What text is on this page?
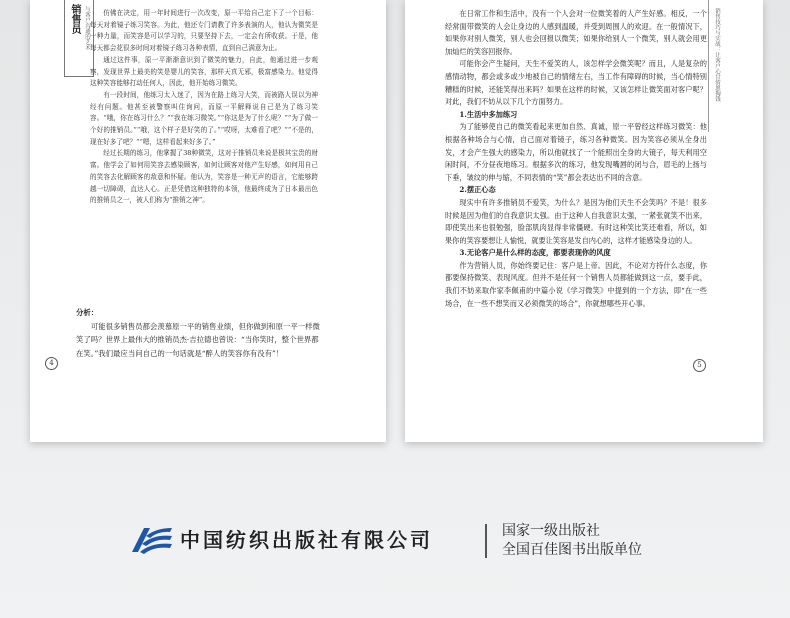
销售员 与客户沟通的艺术	仿佛在决定，用一年时间进行一次改变，原一平给自己定下了一个目标：每天对着镜子练习笑容。为此，他还专门请教了许多表演的人，他认为微笑是一种力量，而笑容是可以学习的，只要坚持下去，一定会有所收获。于是，他每天都会花很多时间对着镜子练习各种表情，直到自己满意为止。

通过这件事，原一平渐渐意识到了微笑的魅力，自此，他通过进一步观察，发现世界上最美的笑是婴儿的笑容，那样天真无邪，极富感染力。他觉得这种笑容能够打动任何人，因此，他开始练习微笑。

有一段时间，他练习太入迷了，因为在路上练习大笑，而被路人误以为神经有问题。他甚至被警察叫住询问，而原一平解释说自己是为了练习笑容。“哦，你在练习什么？”“我在练习微笑。”“你这是为了什么呢？”“为了做一个好的推销员。”“哦，这个样子是好笑的了。”“哎呀，太难看了吧？”“不是的，现在好多了吧？”“嗯，这样看起来好多了。”

经过长期的练习，他掌握了38种微笑，这对于推销员来说是极其宝贵的财富。他学会了如何用笑容去感染顾客，如何让顾客对他产生好感，如何用自己的笑容去化解顾客的敌意和怀疑。他认为，笑容是一种无声的语言，它能够跨越一切障碍，直达人心。正是凭借这种独特的本领，他最终成为了日本最出色的推销员之一，被人们称为“推销之神”。

分析：

可能很多销售员都会羡慕原一平的销售业绩，但你做到和原一平一样微笑了吗？世界上最伟大的推销员杰·吉拉德也曾说：“当你笑时，整个世界都在笑。”我们最应当问自己的一句话就是“醉人的笑容你有没有”！

4
销售技巧与实战：让客户心甘情愿掏钱

在日常工作和生活中，没有一个人会对一位微笑着的人产生好感。相反，一个经常面带微笑的人会让身边的人感到温暖，并受到周围人的欢迎。在一般情况下，如果你对别人微笑，别人也会回报以微笑；如果你给别人一个微笑，别人就会用更加灿烂的笑容回报你。

可能你会产生疑问，天生不爱笑的人，该怎样学会微笑呢？而且，人是复杂的感情动物，都会或多或少地被自己的情绪左右，当工作有障碍的时候，当心情特别糟糕的时候，还能笑得出来吗？如果在这样的时候，又该怎样让微笑面对客户呢？对此，我们不妨从以下几个方面努力。

1.生活中多加练习

为了能够使自己的微笑看起来更加自然、真诚，原一平曾经这样练习微笑：他根据各种场合与心情，自己面对着镜子，练习各种微笑。因为笑容必须从全身出发，才会产生强大的感染力，所以他就找了一个能照出全身的大镜子，每天利用空闲时间，不分昼夜地练习。根据多次的练习，他发现嘴唇的闭与合，眉毛的上扬与下垂，皱纹的伸与缩，不同表情的“笑”都会表达出不同的含意。

2.摆正心态

现实中有许多推销员不爱笑，为什么？是因为他们天生不会笑吗？不是！很多时候是因为他们的自我意识太强。由于这种人自我意识太强，一紧张就笑不出来，即使笑出来也很勉强，脸部肌肉显得非常僵硬。有时这种笑比笑还难看，所以，如果你的笑容要想让人愉悦，就要让笑容是发自内心的，这样才能感染身边的人。

3.无论客户是什么样的态度，都要表现你的风度

作为营销人员，你始终要记住：客户是上帝。因此，不论对方持什么态度，你都要保持微笑、表现风度。但并不是任何一个销售人员都能做到这一点，要手此，我们不妨来取作家李佩甫的中篇小说《学习微笑》中提到的一个方法，即“在一些场合，在一些不想笑而又必须微笑的场合”，你就想哪些开心事。

5
中国纺织出版社有限公司	国家一级出版社
全国百佳图书出版单位
